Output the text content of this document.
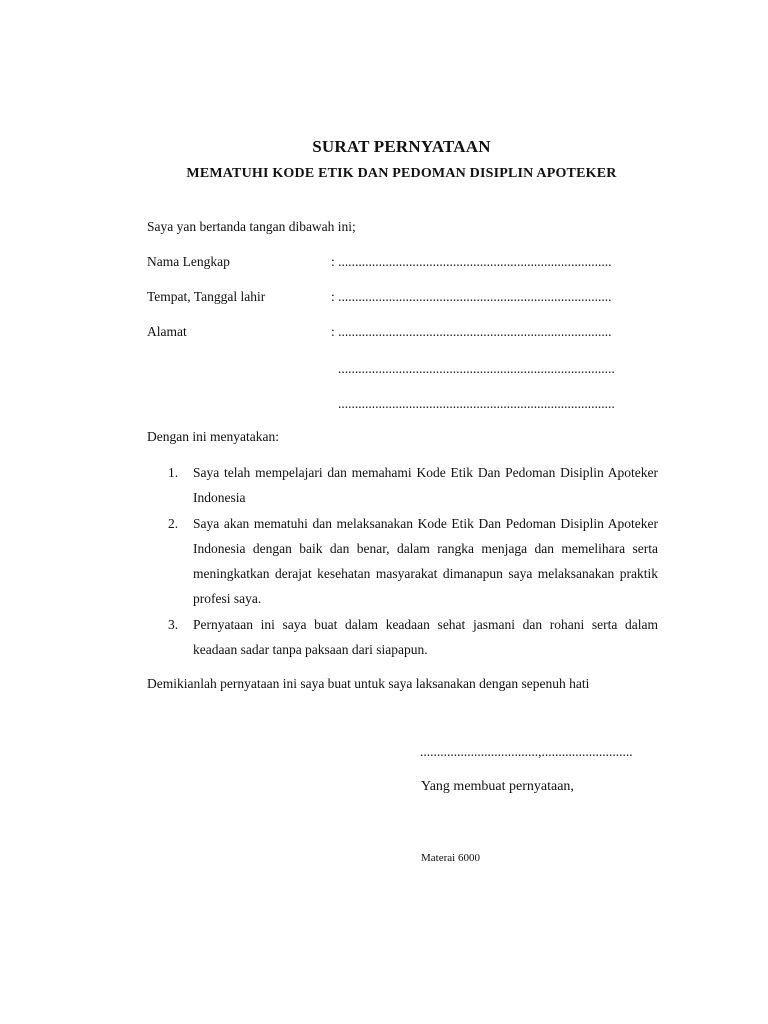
SURAT PERNYATAAN
MEMATUHI KODE ETIK DAN PEDOMAN DISIPLIN APOTEKER
Saya yan bertanda tangan dibawah ini;
Nama Lengkap	: .................................................................................
Tempat, Tanggal lahir	: .................................................................................
Alamat	: .................................................................................
..................................................................................
..................................................................................
Dengan ini menyatakan:
1. Saya telah mempelajari dan memahami Kode Etik Dan Pedoman Disiplin Apoteker Indonesia
2. Saya akan mematuhi dan melaksanakan Kode Etik Dan Pedoman Disiplin Apoteker Indonesia dengan baik dan benar, dalam rangka menjaga dan memelihara serta meningkatkan derajat kesehatan masyarakat dimanapun saya melaksanakan praktik profesi saya.
3. Pernyataan ini saya buat dalam keadaan sehat jasmani dan rohani serta dalam keadaan sadar tanpa paksaan dari siapapun.
Demikianlah pernyataan ini saya buat untuk saya laksanakan dengan sepenuh hati
...................................,...........................
Yang membuat pernyataan,
Materai 6000
